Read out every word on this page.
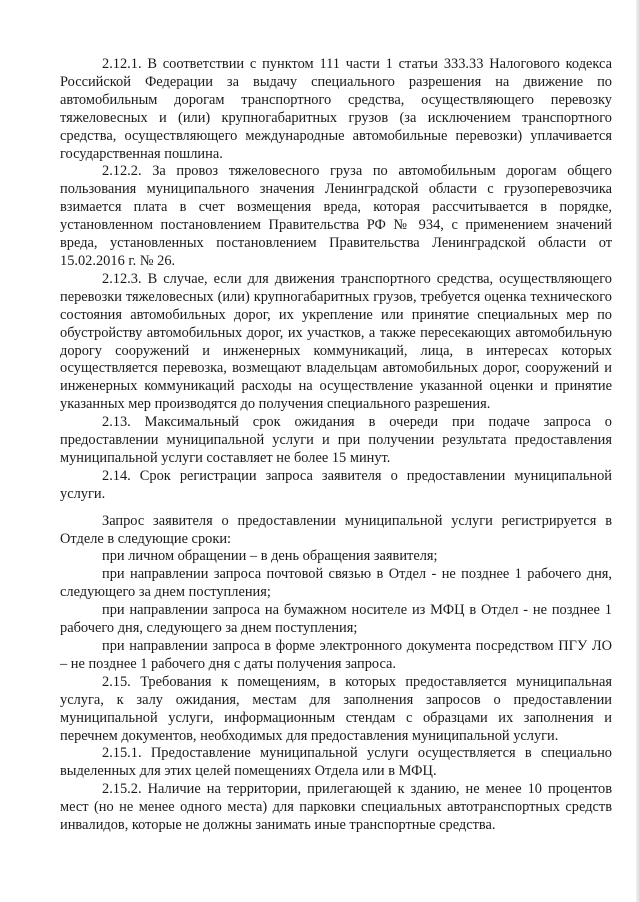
2.12.1. В соответствии с пунктом 111 части 1 статьи 333.33 Налогового кодекса Российской Федерации за выдачу специального разрешения на движение по автомобильным дорогам транспортного средства, осуществляющего перевозку тяжеловесных и (или) крупногабаритных грузов (за исключением транспортного средства, осуществляющего международные автомобильные перевозки) уплачивается государственная пошлина.

2.12.2. За провоз тяжеловесного груза по автомобильным дорогам общего пользования муниципального значения Ленинградской области с грузоперевозчика взимается плата в счет возмещения вреда, которая рассчитывается в порядке, установленном постановлением Правительства РФ № 934, с применением значений вреда, установленных постановлением Правительства Ленинградской области от 15.02.2016 г. № 26.

2.12.3. В случае, если для движения транспортного средства, осуществляющего перевозки тяжеловесных (или) крупногабаритных грузов, требуется оценка технического состояния автомобильных дорог, их укрепление или принятие специальных мер по обустройству автомобильных дорог, их участков, а также пересекающих автомобильную дорогу сооружений и инженерных коммуникаций, лица, в интересах которых осуществляется перевозка, возмещают владельцам автомобильных дорог, сооружений и инженерных коммуникаций расходы на осуществление указанной оценки и принятие указанных мер производятся до получения специального разрешения.

2.13. Максимальный срок ожидания в очереди при подаче запроса о предоставлении муниципальной услуги и при получении результата предоставления муниципальной услуги составляет не более 15 минут.

2.14. Срок регистрации запроса заявителя о предоставлении муниципальной услуги.

Запрос заявителя о предоставлении муниципальной услуги регистрируется в Отделе в следующие сроки:

при личном обращении – в день обращения заявителя;

при направлении запроса почтовой связью в Отдел - не позднее 1 рабочего дня, следующего за днем поступления;

при направлении запроса на бумажном носителе из МФЦ в Отдел - не позднее 1 рабочего дня, следующего за днем поступления;

при направлении запроса в форме электронного документа посредством ПГУ ЛО – не позднее 1 рабочего дня с даты получения запроса.

2.15. Требования к помещениям, в которых предоставляется муниципальная услуга, к залу ожидания, местам для заполнения запросов о предоставлении муниципальной услуги, информационным стендам с образцами их заполнения и перечнем документов, необходимых для предоставления муниципальной услуги.

2.15.1. Предоставление муниципальной услуги осуществляется в специально выделенных для этих целей помещениях Отдела или в МФЦ.

2.15.2. Наличие на территории, прилегающей к зданию, не менее 10 процентов мест (но не менее одного места) для парковки специальных автотранспортных средств инвалидов, которые не должны занимать иные транспортные средства.
